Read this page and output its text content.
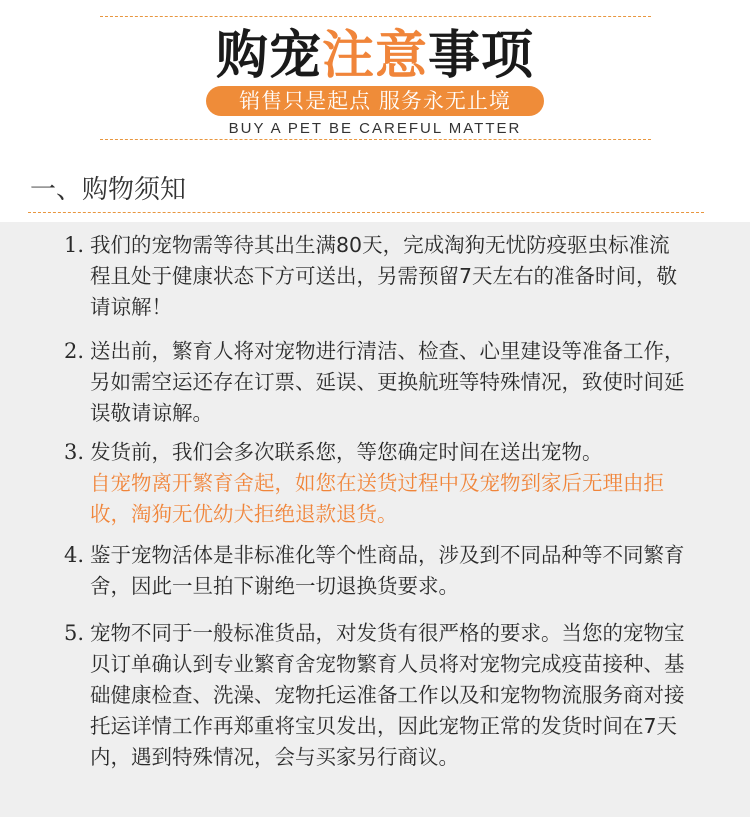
购宠注意事项
销售只是起点 服务永无止境
BUY A PET BE CAREFUL MATTER
一、购物须知
1. 我们的宠物需等待其出生满80天，完成淘狗无忧防疫驱虫标准流程且处于健康状态下方可送出，另需预留7天左右的准备时间，敬请谅解！
2. 送出前，繁育人将对宠物进行清洁、检查、心里建设等准备工作，另如需空运还存在订票、延误、更换航班等特殊情况，致使时间延误敬请谅解。
3. 发货前，我们会多次联系您，等您确定时间在送出宠物。
自宠物离开繁育舍起，如您在送货过程中及宠物到家后无理由拒收，淘狗无优幼犬拒绝退款退货。
4. 鉴于宠物活体是非标准化等个性商品，涉及到不同品种等不同繁育舍，因此一旦拍下谢绝一切退换货要求。
5. 宠物不同于一般标准货品，对发货有很严格的要求。当您的宠物宝贝订单确认到专业繁育舍宠物繁育人员将对宠物完成疫苗接种、基础健康检查、洗澡、宠物托运准备工作以及和宠物物流服务商对接托运详情工作再郑重将宝贝发出，因此宠物正常的发货时间在7天内，遇到特殊情况，会与买家另行商议。
